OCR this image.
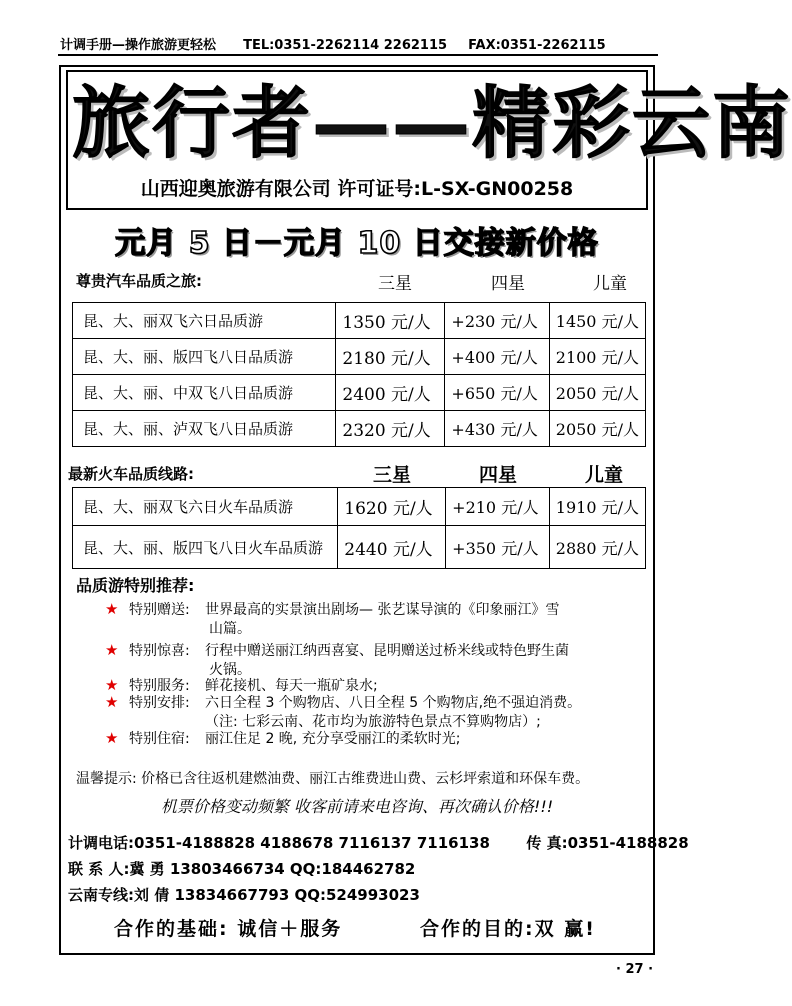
计调手册—操作旅游更轻松 TEL:0351-2262114 2262115 FAX:0351-2262115
旅行者——精彩云南
山西迎奥旅游有限公司 许可证号:L-SX-GN00258
元月 5 日－元月 10 日交接新价格
尊贵汽车品质之旅:	三星	四星	儿童
昆、大、丽双飞六日品质游	1350 元/人	+230 元/人	1450 元/人
昆、大、丽、版四飞八日品质游	2180 元/人	+400 元/人	2100 元/人
昆、大、丽、中双飞八日品质游	2400 元/人	+650 元/人	2050 元/人
昆、大、丽、泸双飞八日品质游	2320 元/人	+430 元/人	2050 元/人
最新火车品质线路:	三星	四星	儿童
昆、大、丽双飞六日火车品质游	1620 元/人	+210 元/人	1910 元/人
昆、大、丽、版四飞八日火车品质游	2440 元/人	+350 元/人	2880 元/人
品质游特别推荐:
★ 特别赠送: 世界最高的实景演出剧场— 张艺谋导演的《印象丽江》雪
山篇。
★ 特别惊喜: 行程中赠送丽江纳西喜宴、昆明赠送过桥米线或特色野生菌
火锅。
★ 特别服务: 鲜花接机、每天一瓶矿泉水;
★ 特别安排: 六日全程 3 个购物店、八日全程 5 个购物店,绝不强迫消费。
（注: 七彩云南、花市均为旅游特色景点不算购物店）;
★ 特别住宿: 丽江住足 2 晚, 充分享受丽江的柔软时光;
温馨提示: 价格已含往返机建燃油费、丽江古维费进山费、云杉坪索道和环保车费。
机票价格变动频繁 收客前请来电咨询、再次确认价格!!!
计调电话:0351-4188828 4188678 7116137 7116138 传 真:0351-4188828
联 系 人:冀 勇 13803466734 QQ:184462782
云南专线:刘 倩 13834667793 QQ:524993023
合作的基础: 诚信＋服务	合作的目的:双 赢!
· 27 ·
